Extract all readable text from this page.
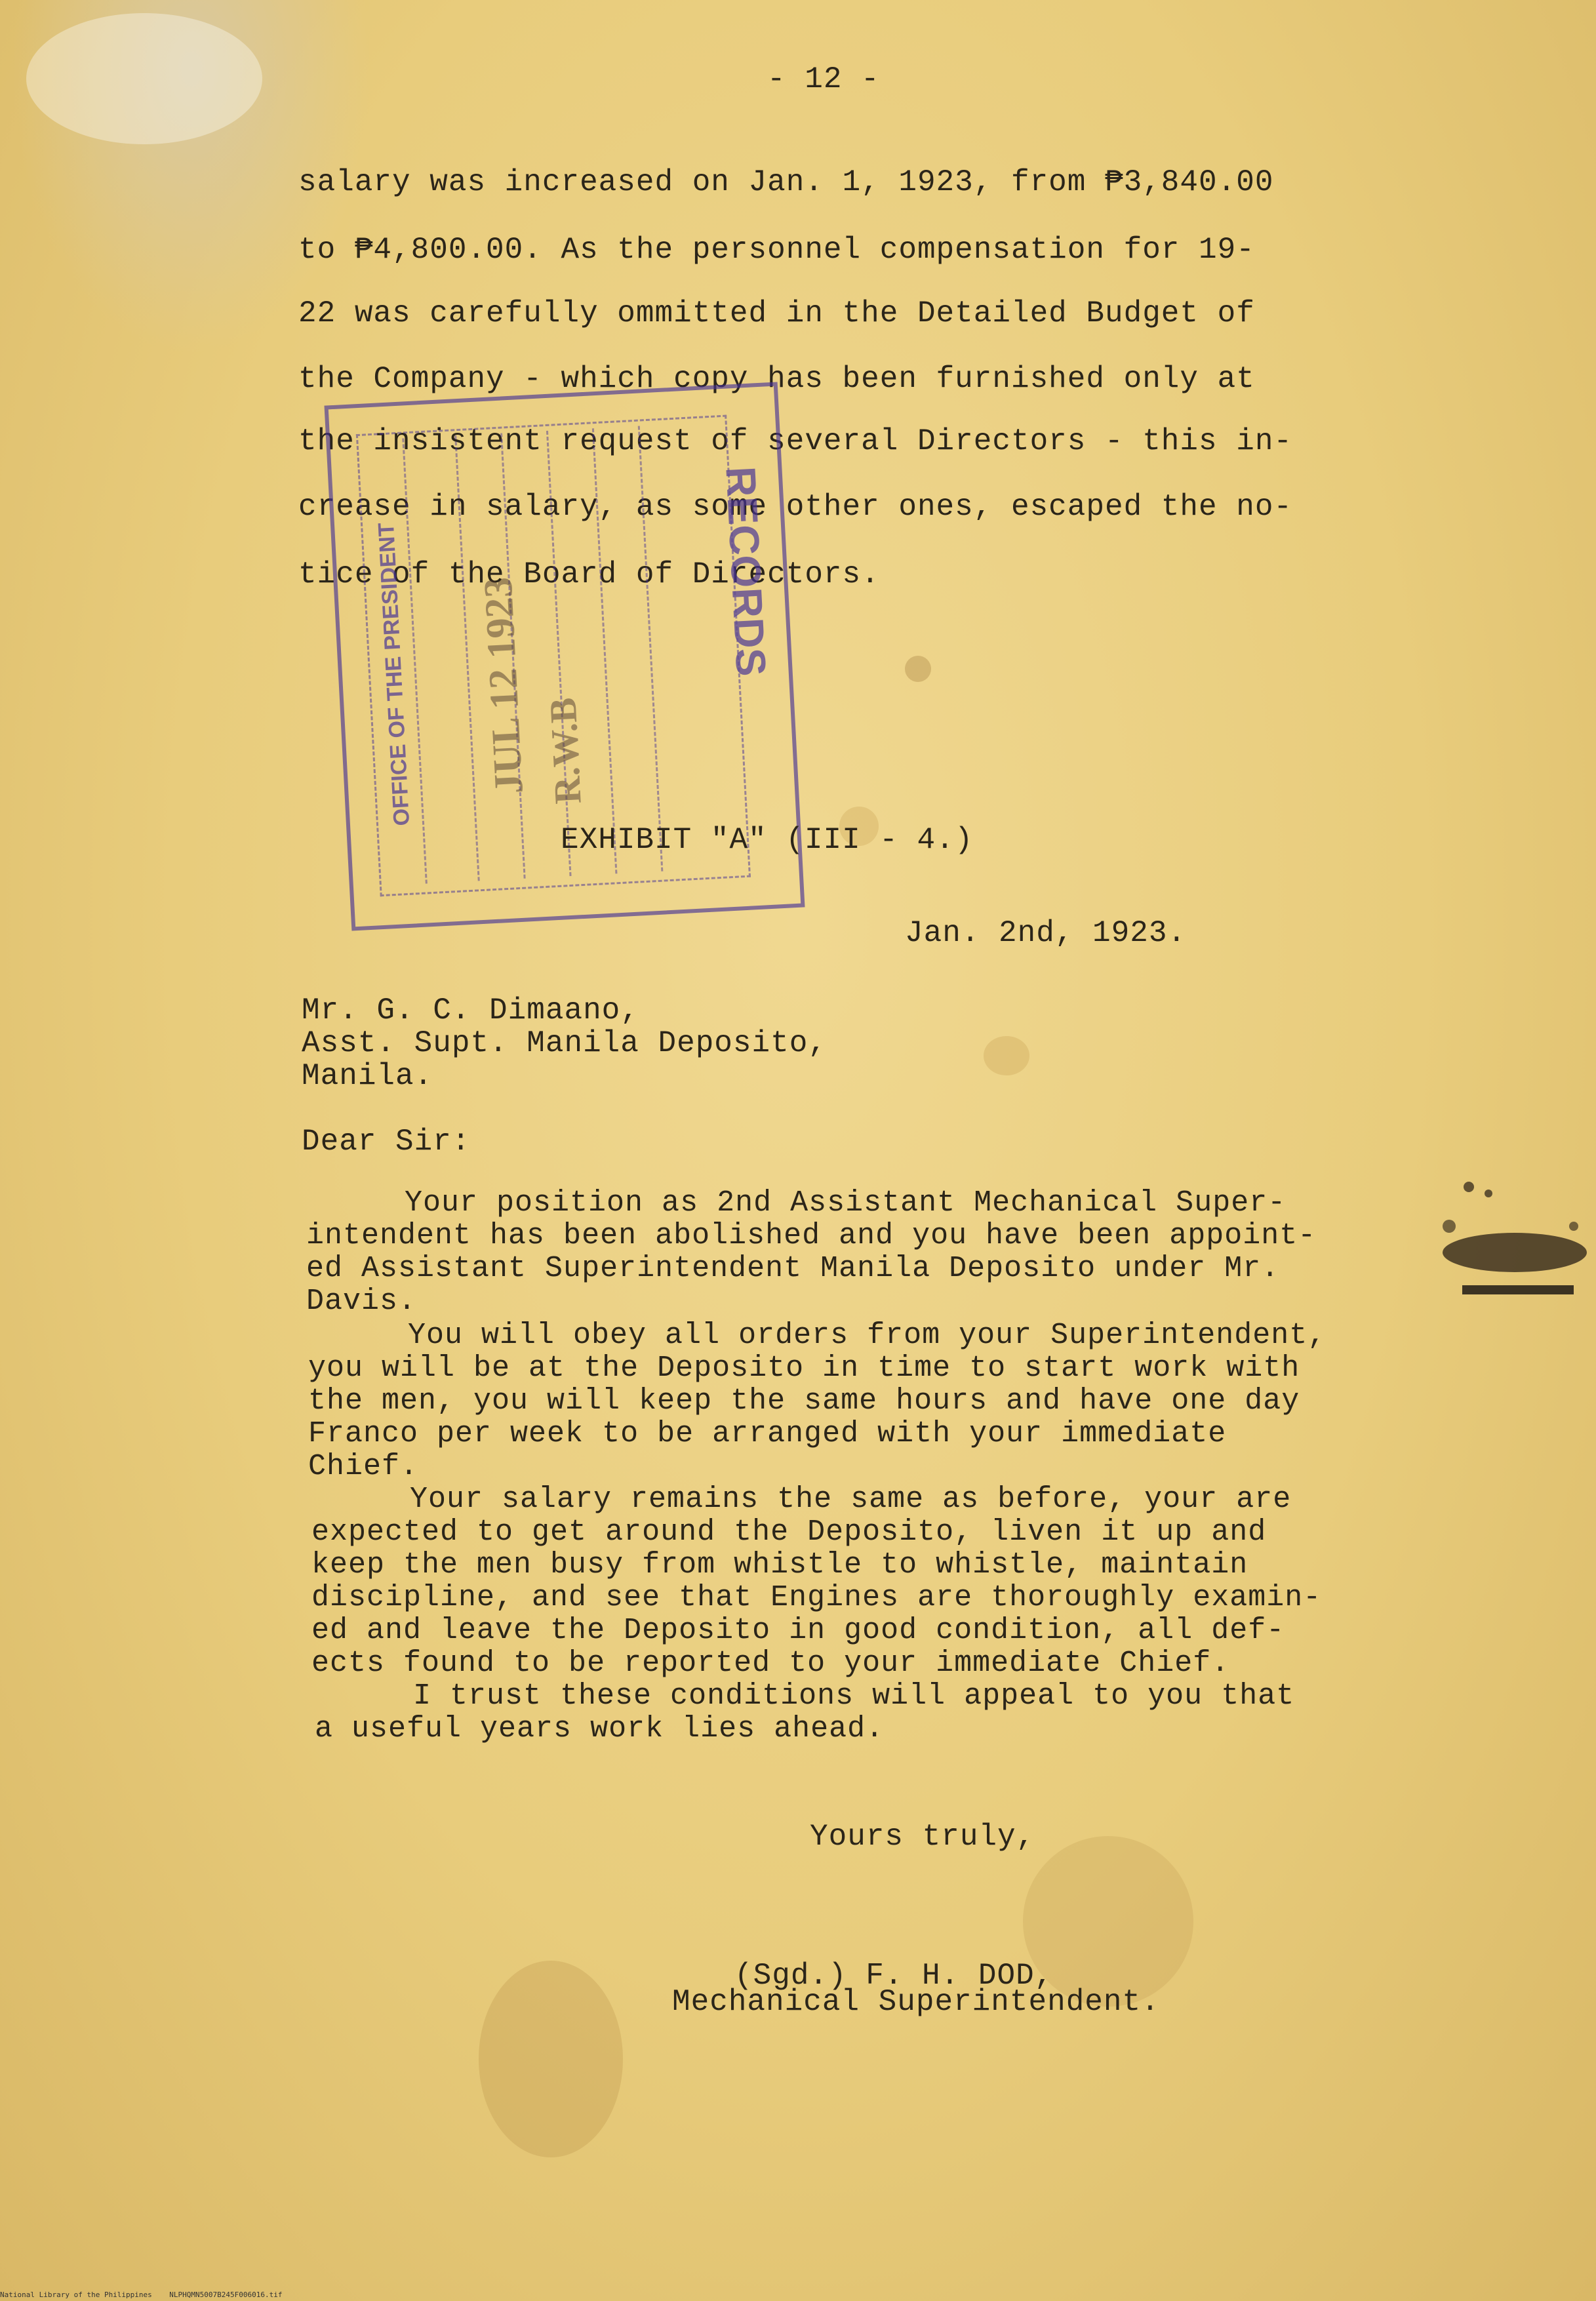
- 12 -
salary was increased on Jan. 1, 1923, from ₱3,840.00
to ₱4,800.00. As the personnel compensation for 19-
22 was carefully ommitted in the Detailed Budget of
the Company - which copy has been furnished only at
the insistent request of several Directors - this in-
crease in salary, as some other ones, escaped the no-
tice of the Board of Directors.
RECORDS
OFFICE OF THE PRESIDENT JUL 12 1923 R.W.B
EXHIBIT "A" (III - 4.)
Jan. 2nd, 1923.
Mr. G. C. Dimaano,
Asst. Supt. Manila Deposito,
Manila.
Dear Sir:
Your position as 2nd Assistant Mechanical Super-
intendent has been abolished and you have been appoint-
ed Assistant Superintendent Manila Deposito under Mr.
Davis.
You will obey all orders from your Superintendent,
you will be at the Deposito in time to start work with
the men, you will keep the same hours and have one day
Franco per week to be arranged with your immediate
Chief.
Your salary remains the same as before, your are
expected to get around the Deposito, liven it up and
keep the men busy from whistle to whistle, maintain
discipline, and see that Engines are thoroughly examin-
ed and leave the Deposito in good condition, all def-
ects found to be reported to your immediate Chief.
I trust these conditions will appeal to you that
a useful years work lies ahead.
Yours truly,
(Sgd.) F. H. DOD,
Mechanical Superintendent.
National Library of the Philippines NLPHQMN5007B245F006016.tif
